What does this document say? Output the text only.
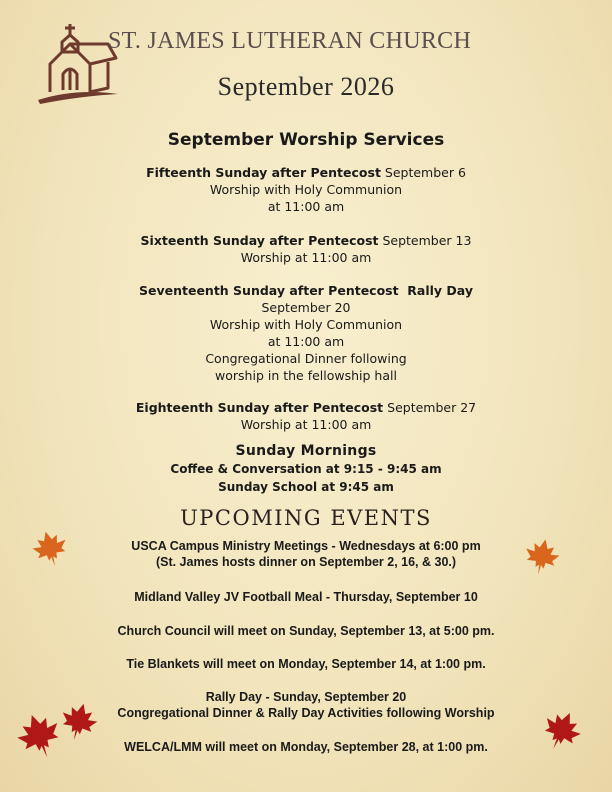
ST. JAMES LUTHERAN CHURCH
September 2026
September Worship Services
Fifteenth Sunday after Pentecost September 6
Worship with Holy Communion
at 11:00 am
Sixteenth Sunday after Pentecost September 13
Worship at 11:00 am
Seventeenth Sunday after Pentecost  Rally Day
September 20
Worship with Holy Communion
at 11:00 am
Congregational Dinner following
worship in the fellowship hall
Eighteenth Sunday after Pentecost September 27
Worship at 11:00 am
Sunday Mornings
Coffee & Conversation at 9:15 - 9:45 am
Sunday School at 9:45 am
UPCOMING EVENTS
USCA Campus Ministry Meetings - Wednesdays at 6:00 pm
(St. James hosts dinner on September 2, 16, & 30.)
Midland Valley JV Football Meal - Thursday, September 10
Church Council will meet on Sunday, September 13, at 5:00 pm.
Tie Blankets will meet on Monday, September 14, at 1:00 pm.
Rally Day - Sunday, September 20
Congregational Dinner & Rally Day Activities following Worship
WELCA/LMM will meet on Monday, September 28, at 1:00 pm.
